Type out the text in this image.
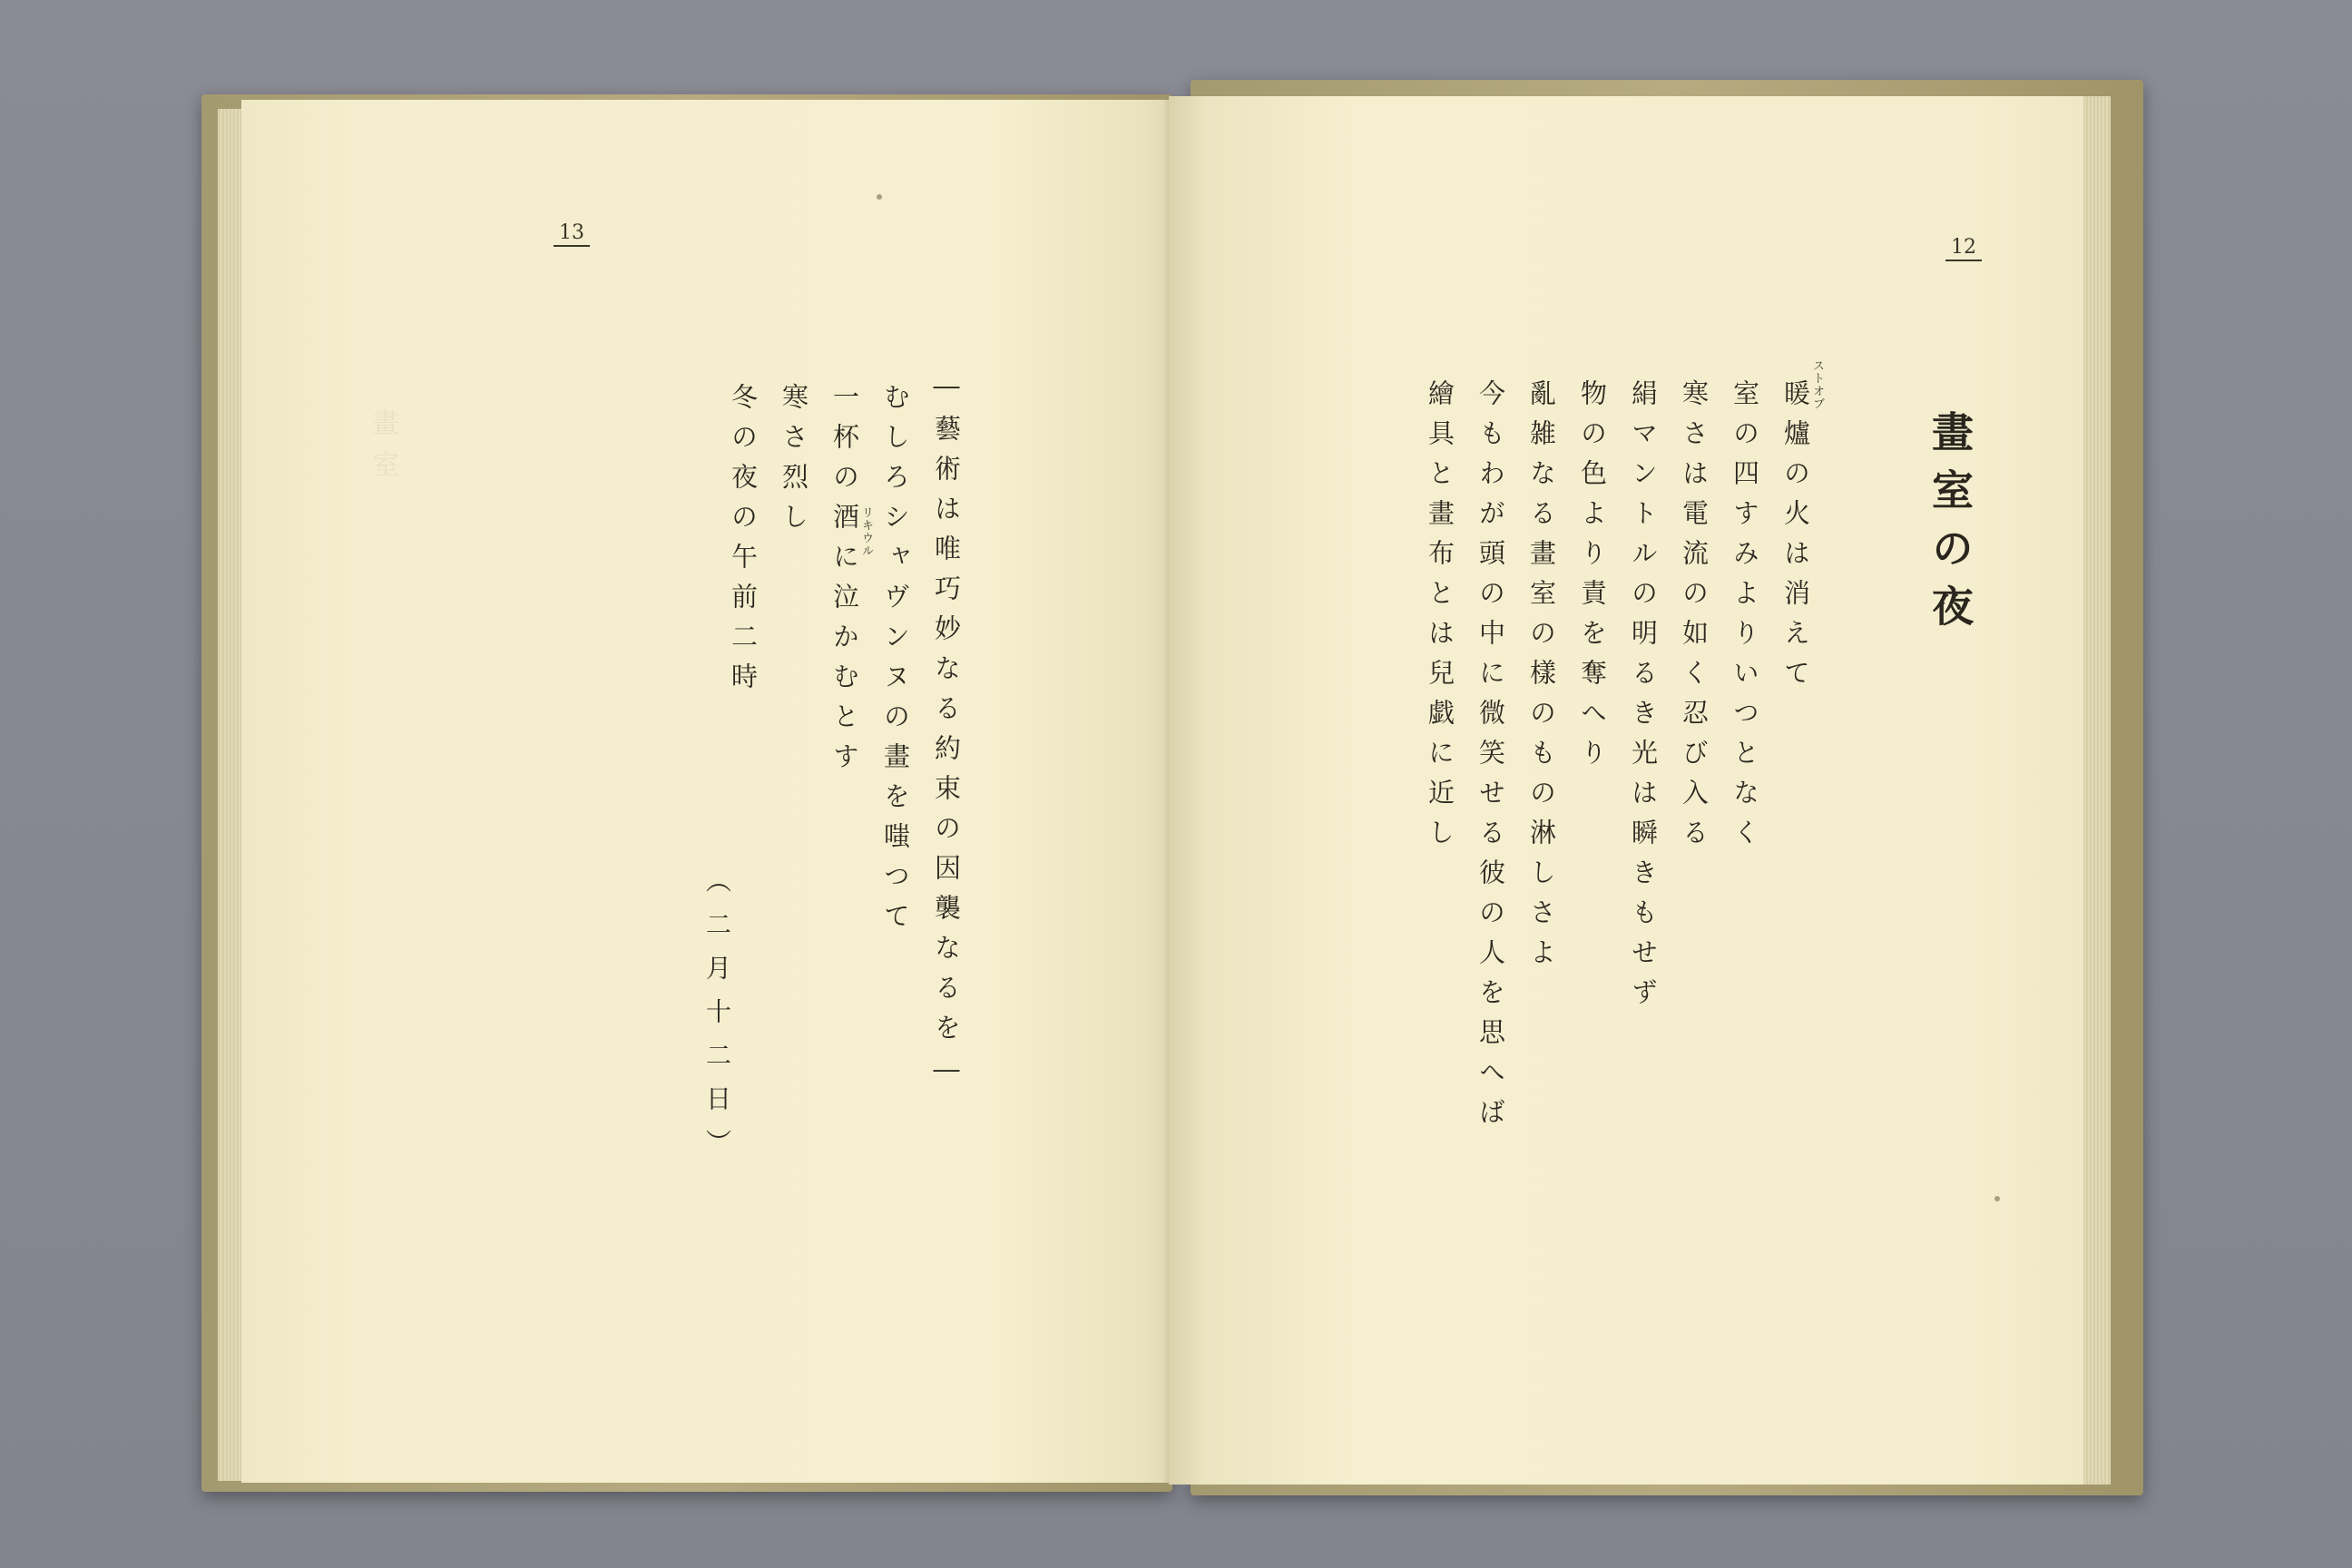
畫室
13
―藝術は唯巧妙なる約束の因襲なるを―
むしろシャヴンヌの畫を嗤つて
一杯の酒に泣かむとす リキウル
寒さ烈し
冬の夜の午前二時
（二月十二日）
12
畫室の夜
ストオブ
暖爐の火は消えて
室の四すみよりいつとなく
寒さは電流の如く忍び入る
絹マントルの明るき光は瞬きもせず
物の色より責を奪へり
亂雑なる畫室の樣のもの淋しさよ
今もわが頭の中に微笑せる彼の人を思へば
繪具と畫布とは兒戯に近し
